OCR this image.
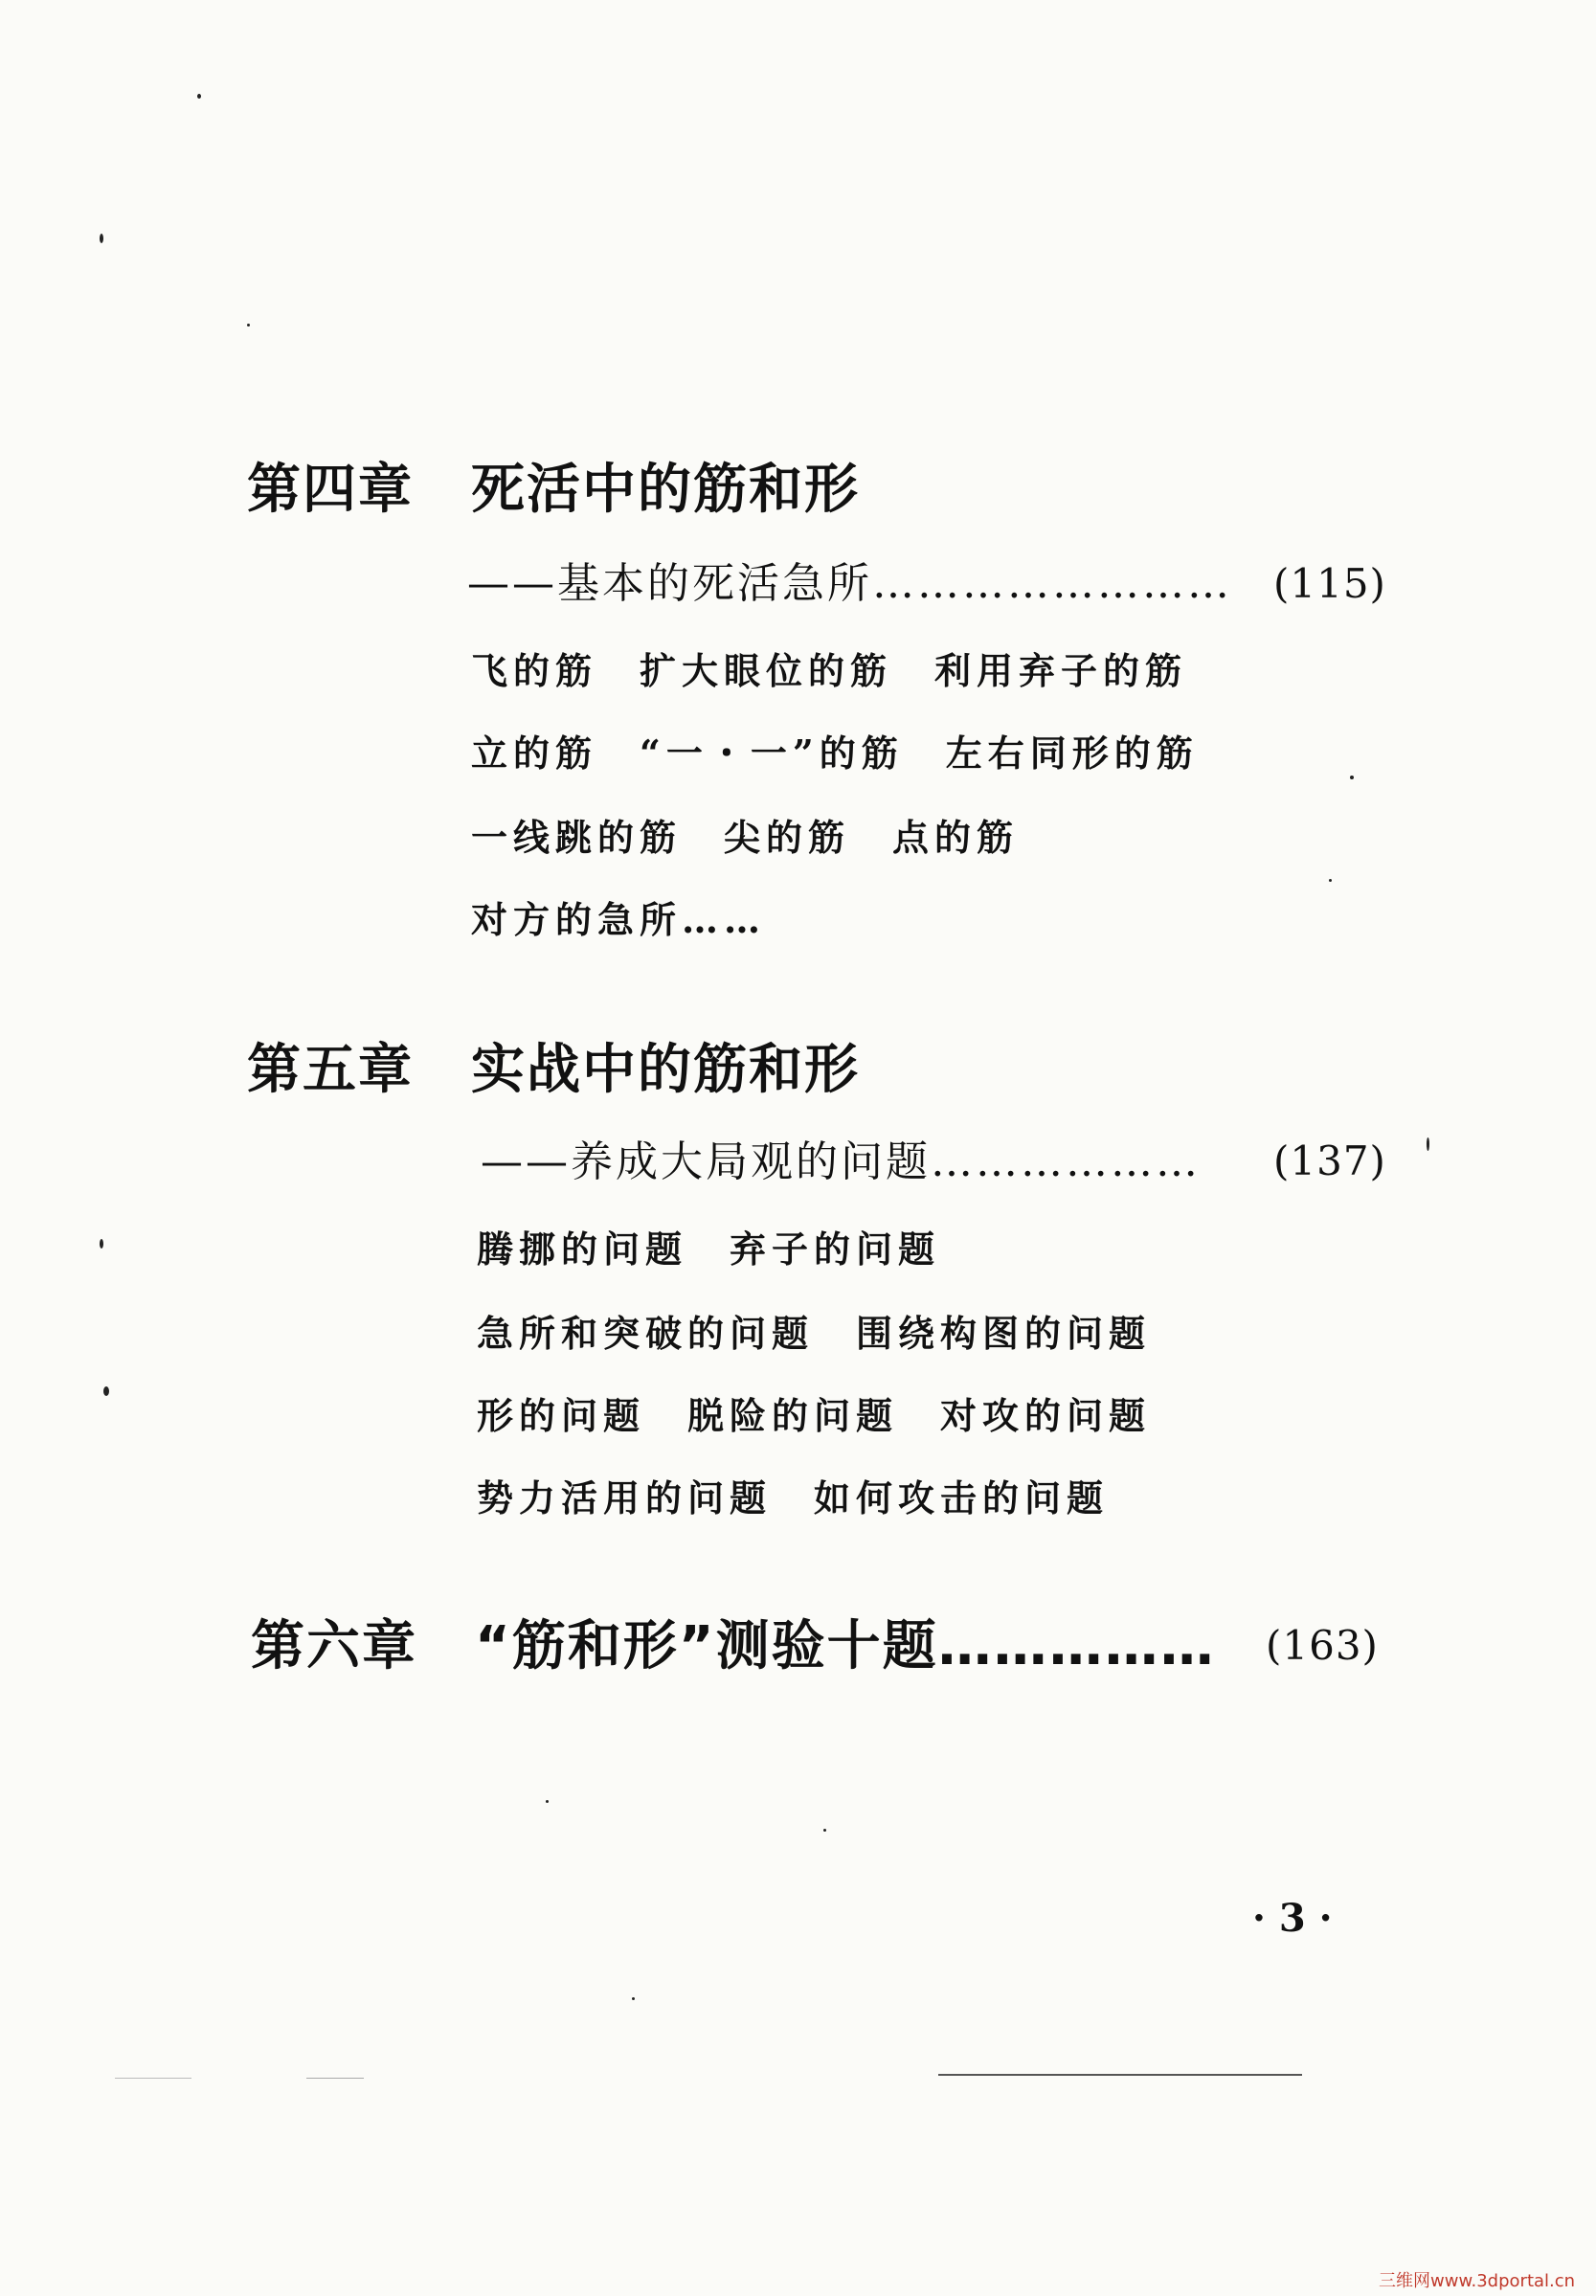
第四章 死活中的筋和形
——基本的死活急所…………………… (115)
飞的筋　扩大眼位的筋　利用弃子的筋
立的筋　“一・一”的筋　左右同形的筋
一线跳的筋　尖的筋　点的筋
对方的急所……
第五章 实战中的筋和形
——养成大局观的问题……………… (137)
腾挪的问题　弃子的问题
急所和突破的问题　围绕构图的问题
形的问题　脱险的问题　对攻的问题
势力活用的问题　如何攻击的问题
第六章 “筋和形”测验十题…………… (163)
· 3 ·
三维网www.3dportal.cn
